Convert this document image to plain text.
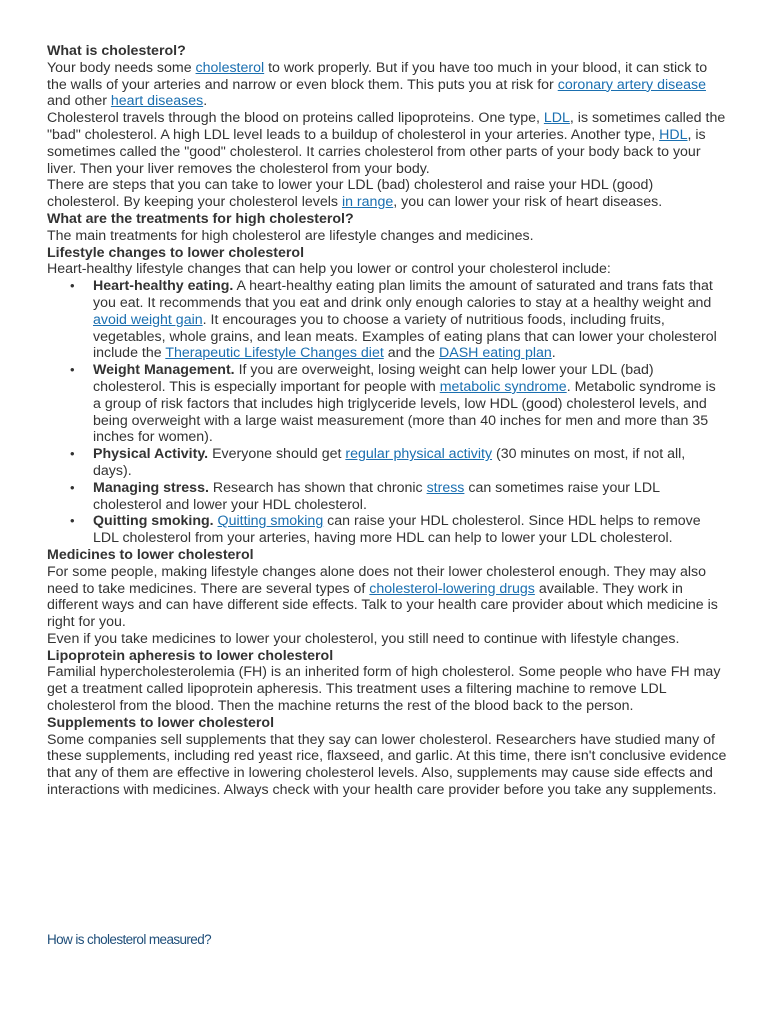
What is cholesterol?

Your body needs some cholesterol to work properly. But if you have too much in your blood, it can stick to the walls of your arteries and narrow or even block them. This puts you at risk for coronary artery disease and other heart diseases.

Cholesterol travels through the blood on proteins called lipoproteins. One type, LDL, is sometimes called the "bad" cholesterol. A high LDL level leads to a buildup of cholesterol in your arteries. Another type, HDL, is sometimes called the "good" cholesterol. It carries cholesterol from other parts of your body back to your liver. Then your liver removes the cholesterol from your body.

There are steps that you can take to lower your LDL (bad) cholesterol and raise your HDL (good) cholesterol. By keeping your cholesterol levels in range, you can lower your risk of heart diseases.

What are the treatments for high cholesterol?

The main treatments for high cholesterol are lifestyle changes and medicines.

Lifestyle changes to lower cholesterol

Heart-healthy lifestyle changes that can help you lower or control your cholesterol include:

• Heart-healthy eating. A heart-healthy eating plan limits the amount of saturated and trans fats that you eat. It recommends that you eat and drink only enough calories to stay at a healthy weight and avoid weight gain. It encourages you to choose a variety of nutritious foods, including fruits, vegetables, whole grains, and lean meats. Examples of eating plans that can lower your cholesterol include the Therapeutic Lifestyle Changes diet and the DASH eating plan.
• Weight Management. If you are overweight, losing weight can help lower your LDL (bad) cholesterol. This is especially important for people with metabolic syndrome. Metabolic syndrome is a group of risk factors that includes high triglyceride levels, low HDL (good) cholesterol levels, and being overweight with a large waist measurement (more than 40 inches for men and more than 35 inches for women).
• Physical Activity. Everyone should get regular physical activity (30 minutes on most, if not all, days).
• Managing stress. Research has shown that chronic stress can sometimes raise your LDL cholesterol and lower your HDL cholesterol.
• Quitting smoking. Quitting smoking can raise your HDL cholesterol. Since HDL helps to remove LDL cholesterol from your arteries, having more HDL can help to lower your LDL cholesterol.
Medicines to lower cholesterol

For some people, making lifestyle changes alone does not their lower cholesterol enough. They may also need to take medicines. There are several types of cholesterol-lowering drugs available. They work in different ways and can have different side effects. Talk to your health care provider about which medicine is right for you.

Even if you take medicines to lower your cholesterol, you still need to continue with lifestyle changes.

Lipoprotein apheresis to lower cholesterol

Familial hypercholesterolemia (FH) is an inherited form of high cholesterol. Some people who have FH may get a treatment called lipoprotein apheresis. This treatment uses a filtering machine to remove LDL cholesterol from the blood. Then the machine returns the rest of the blood back to the person.

Supplements to lower cholesterol

Some companies sell supplements that they say can lower cholesterol. Researchers have studied many of these supplements, including red yeast rice, flaxseed, and garlic. At this time, there isn't conclusive evidence that any of them are effective in lowering cholesterol levels. Also, supplements may cause side effects and interactions with medicines. Always check with your health care provider before you take any supplements.

How is cholesterol measured?
